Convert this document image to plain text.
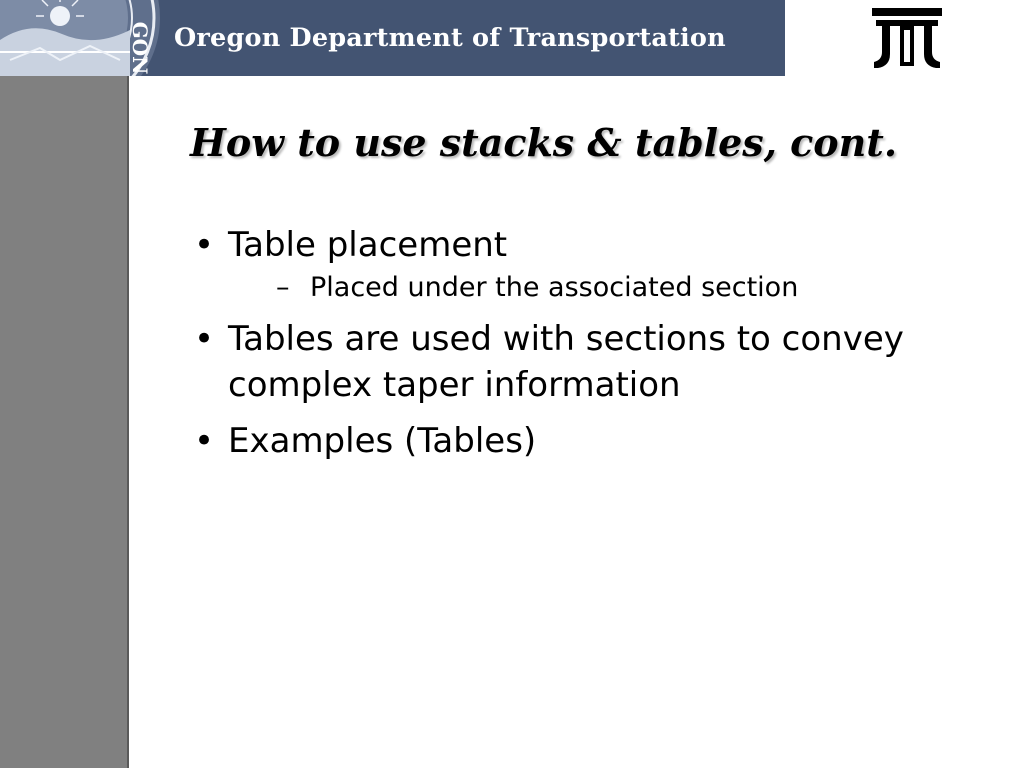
GON Oregon Department of Transportation
How to use stacks & tables, cont.
• Table placement
– Placed under the associated section
• Tables are used with sections to convey complex taper information
• Examples (Tables)
